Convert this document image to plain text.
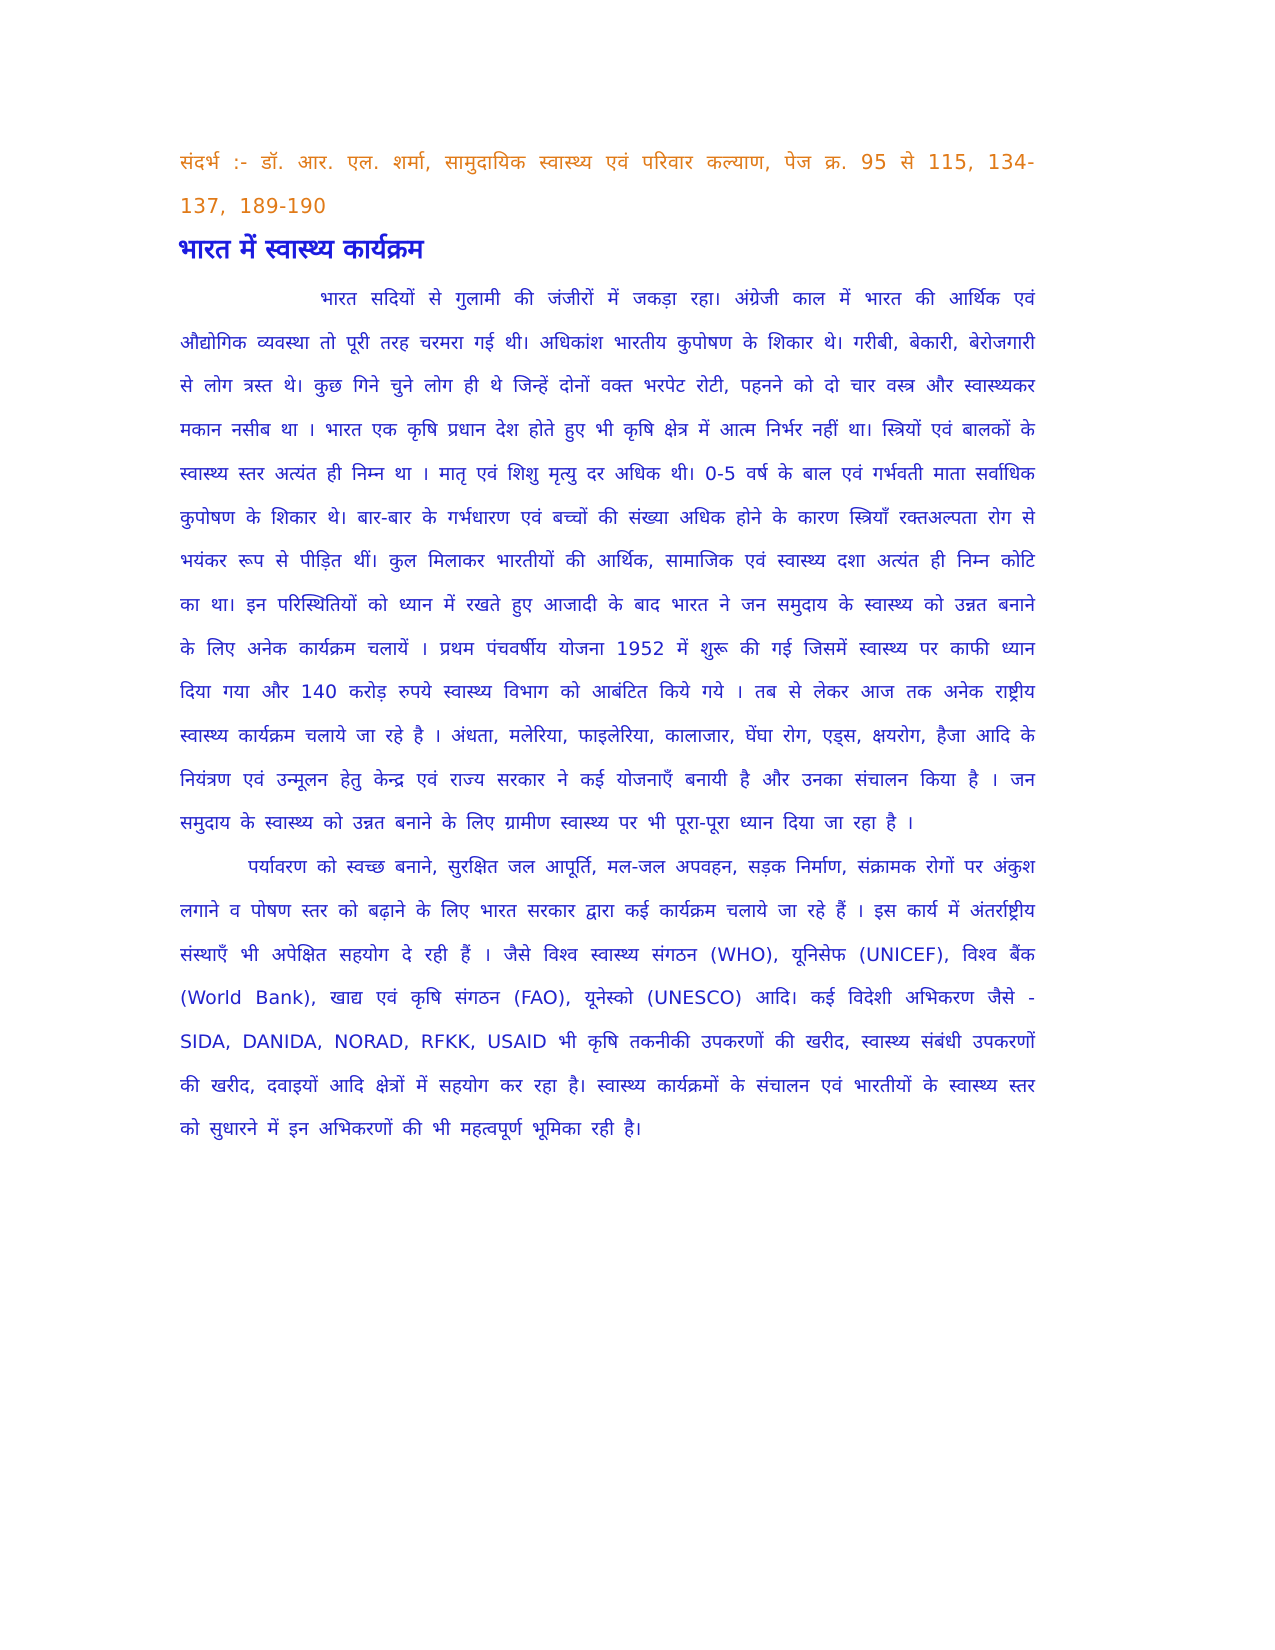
संदर्भ :- डॉ. आर. एल. शर्मा, सामुदायिक स्वास्थ्य एवं परिवार कल्याण, पेज क्र. 95 से 115, 134-137, 189-190
भारत में स्वास्थ्य कार्यक्रम

भारत सदियों से गुलामी की जंजीरों में जकड़ा रहा। अंग्रेजी काल में भारत की आर्थिक एवं औद्योगिक व्यवस्था तो पूरी तरह चरमरा गई थी। अधिकांश भारतीय कुपोषण के शिकार थे। गरीबी, बेकारी, बेरोजगारी से लोग त्रस्त थे। कुछ गिने चुने लोग ही थे जिन्हें दोनों वक्त भरपेट रोटी, पहनने को दो चार वस्त्र और स्वास्थ्यकर मकान नसीब था । भारत एक कृषि प्रधान देश होते हुए भी कृषि क्षेत्र में आत्म निर्भर नहीं था। स्त्रियों एवं बालकों के स्वास्थ्य स्तर अत्यंत ही निम्न था । मातृ एवं शिशु मृत्यु दर अधिक थी। 0-5 वर्ष के बाल एवं गर्भवती माता सर्वाधिक कुपोषण के शिकार थे। बार-बार के गर्भधारण एवं बच्चों की संख्या अधिक होने के कारण स्त्रियाँ रक्तअल्पता रोग से भयंकर रूप से पीड़ित थीं। कुल मिलाकर भारतीयों की आर्थिक, सामाजिक एवं स्वास्थ्य दशा अत्यंत ही निम्न कोटि का था। इन परिस्थितियों को ध्यान में रखते हुए आजादी के बाद भारत ने जन समुदाय के स्वास्थ्य को उन्नत बनाने के लिए अनेक कार्यक्रम चलायें । प्रथम पंचवर्षीय योजना 1952 में शुरू की गई जिसमें स्वास्थ्य पर काफी ध्यान दिया गया और 140 करोड़ रुपये स्वास्थ्य विभाग को आबंटित किये गये । तब से लेकर आज तक अनेक राष्ट्रीय स्वास्थ्य कार्यक्रम चलाये जा रहे है । अंधता, मलेरिया, फाइलेरिया, कालाजार, घेंघा रोग, एड्स, क्षयरोग, हैजा आदि के नियंत्रण एवं उन्मूलन हेतु केन्द्र एवं राज्य सरकार ने कई योजनाएँ बनायी है और उनका संचालन किया है । जन समुदाय के स्वास्थ्य को उन्नत बनाने के लिए ग्रामीण स्वास्थ्य पर भी पूरा-पूरा ध्यान दिया जा रहा है ।

पर्यावरण को स्वच्छ बनाने, सुरक्षित जल आपूर्ति, मल-जल अपवहन, सड़क निर्माण, संक्रामक रोगों पर अंकुश लगाने व पोषण स्तर को बढ़ाने के लिए भारत सरकार द्वारा कई कार्यक्रम चलाये जा रहे हैं । इस कार्य में अंतर्राष्ट्रीय संस्थाएँ भी अपेक्षित सहयोग दे रही हैं । जैसे विश्व स्वास्थ्य संगठन (WHO), यूनिसेफ (UNICEF), विश्व बैंक (World Bank), खाद्य एवं कृषि संगठन (FAO), यूनेस्को (UNESCO) आदि। कई विदेशी अभिकरण जैसे - SIDA, DANIDA, NORAD, RFKK, USAID भी कृषि तकनीकी उपकरणों की खरीद, स्वास्थ्य संबंधी उपकरणों की खरीद, दवाइयों आदि क्षेत्रों में सहयोग कर रहा है। स्वास्थ्य कार्यक्रमों के संचालन एवं भारतीयों के स्वास्थ्य स्तर को सुधारने में इन अभिकरणों की भी महत्वपूर्ण भूमिका रही है।
